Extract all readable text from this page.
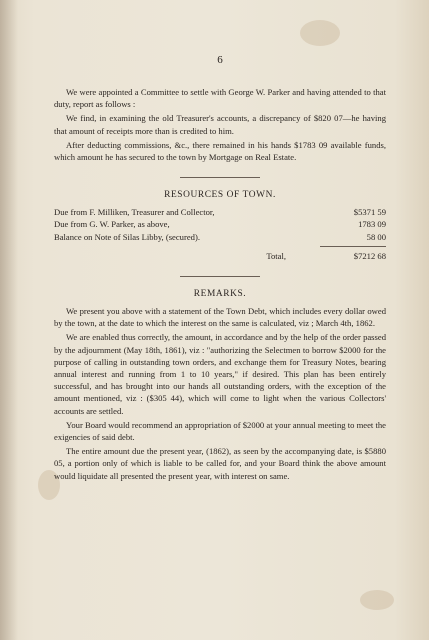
6

We were appointed a Committee to settle with George W. Parker and having attended to that duty, report as follows :

We find, in examining the old Treasurer's accounts, a discrepancy of $820 07—he having that amount of receipts more than is credited to him.

After deducting commissions, &c., there remained in his hands $1783 09 available funds, which amount he has secured to the town by Mortgage on Real Estate.

RESOURCES OF TOWN.
Due from F. Milliken, Treasurer and Collector,	$5371 59
Due from G. W. Parker, as above,	1783 09
Balance on Note of Silas Libby, (secured).	58 00
Total,	$7212 68
REMARKS.

We present you above with a statement of the Town Debt, which includes every dollar owed by the town, at the date to which the interest on the same is calculated, viz ; March 4th, 1862.

We are enabled thus correctly, the amount, in accordance and by the help of the order passed by the adjournment (May 18th, 1861), viz : "authorizing the Selectmen to borrow $2000 for the purpose of calling in outstanding town orders, and exchange them for Treasury Notes, bearing annual interest and running from 1 to 10 years," if desired. This plan has been entirely successful, and has brought into our hands all outstanding orders, with the exception of the amount mentioned, viz : ($305 44), which will come to light when the various Collectors' accounts are settled.

Your Board would recommend an appropriation of $2000 at your annual meeting to meet the exigencies of said debt.

The entire amount due the present year, (1862), as seen by the accompanying date, is $5880 05, a portion only of which is liable to be called for, and your Board think the above amount would liquidate all presented the present year, with interest on same.
